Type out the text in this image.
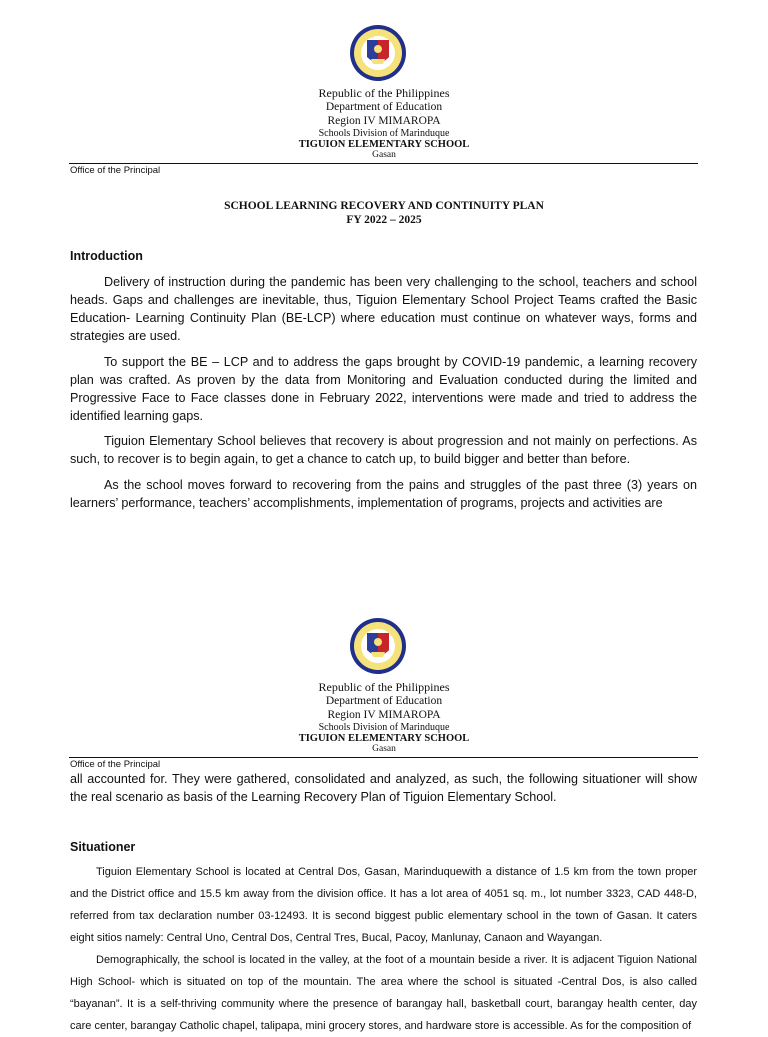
Republic of the Philippines
Department of Education
Region IV MIMAROPA
Schools Division of Marinduque
TIGUION ELEMENTARY SCHOOL
Gasan
Office of the Principal
SCHOOL LEARNING RECOVERY AND CONTINUITY PLAN
FY 2022 – 2025
Introduction
Delivery of instruction during the pandemic has been very challenging to the school, teachers and school heads. Gaps and challenges are inevitable, thus, Tiguion Elementary School Project Teams crafted the Basic Education- Learning Continuity Plan (BE-LCP) where education must continue on whatever ways, forms and strategies are used.
To support the BE – LCP and to address the gaps brought by COVID-19 pandemic, a learning recovery plan was crafted. As proven by the data from Monitoring and Evaluation conducted during the limited and Progressive Face to Face classes done in February 2022, interventions were made and tried to address the identified learning gaps.
Tiguion Elementary School believes that recovery is about progression and not mainly on perfections. As such, to recover is to begin again, to get a chance to catch up, to build bigger and better than before.
As the school moves forward to recovering from the pains and struggles of the past three (3) years on learners’ performance, teachers’ accomplishments, implementation of programs, projects and activities are
Republic of the Philippines
Department of Education
Region IV MIMAROPA
Schools Division of Marinduque
TIGUION ELEMENTARY SCHOOL
Gasan
Office of the Principal
all accounted for. They were gathered, consolidated and analyzed, as such, the following situationer will show the real scenario as basis of the Learning Recovery Plan of Tiguion Elementary School.
Situationer
Tiguion Elementary School is located at Central Dos, Gasan, Marinduquewith a distance of 1.5 km from the town proper and the District office and 15.5 km away from the division office. It has a lot area of 4051 sq. m., lot number 3323, CAD 448-D, referred from tax declaration number 03-12493. It is second biggest public elementary school in the town of Gasan. It caters eight sitios namely: Central Uno, Central Dos, Central Tres, Bucal, Pacoy, Manlunay, Canaon and Wayangan.
Demographically, the school is located in the valley, at the foot of a mountain beside a river. It is adjacent Tiguion National High School- which is situated on top of the mountain. The area where the school is situated -Central Dos, is also called “bayanan”. It is a self-thriving community where the presence of barangay hall, basketball court, barangay health center, day care center, barangay Catholic chapel, talipapa, mini grocery stores, and hardware store is accessible. As for the composition of
